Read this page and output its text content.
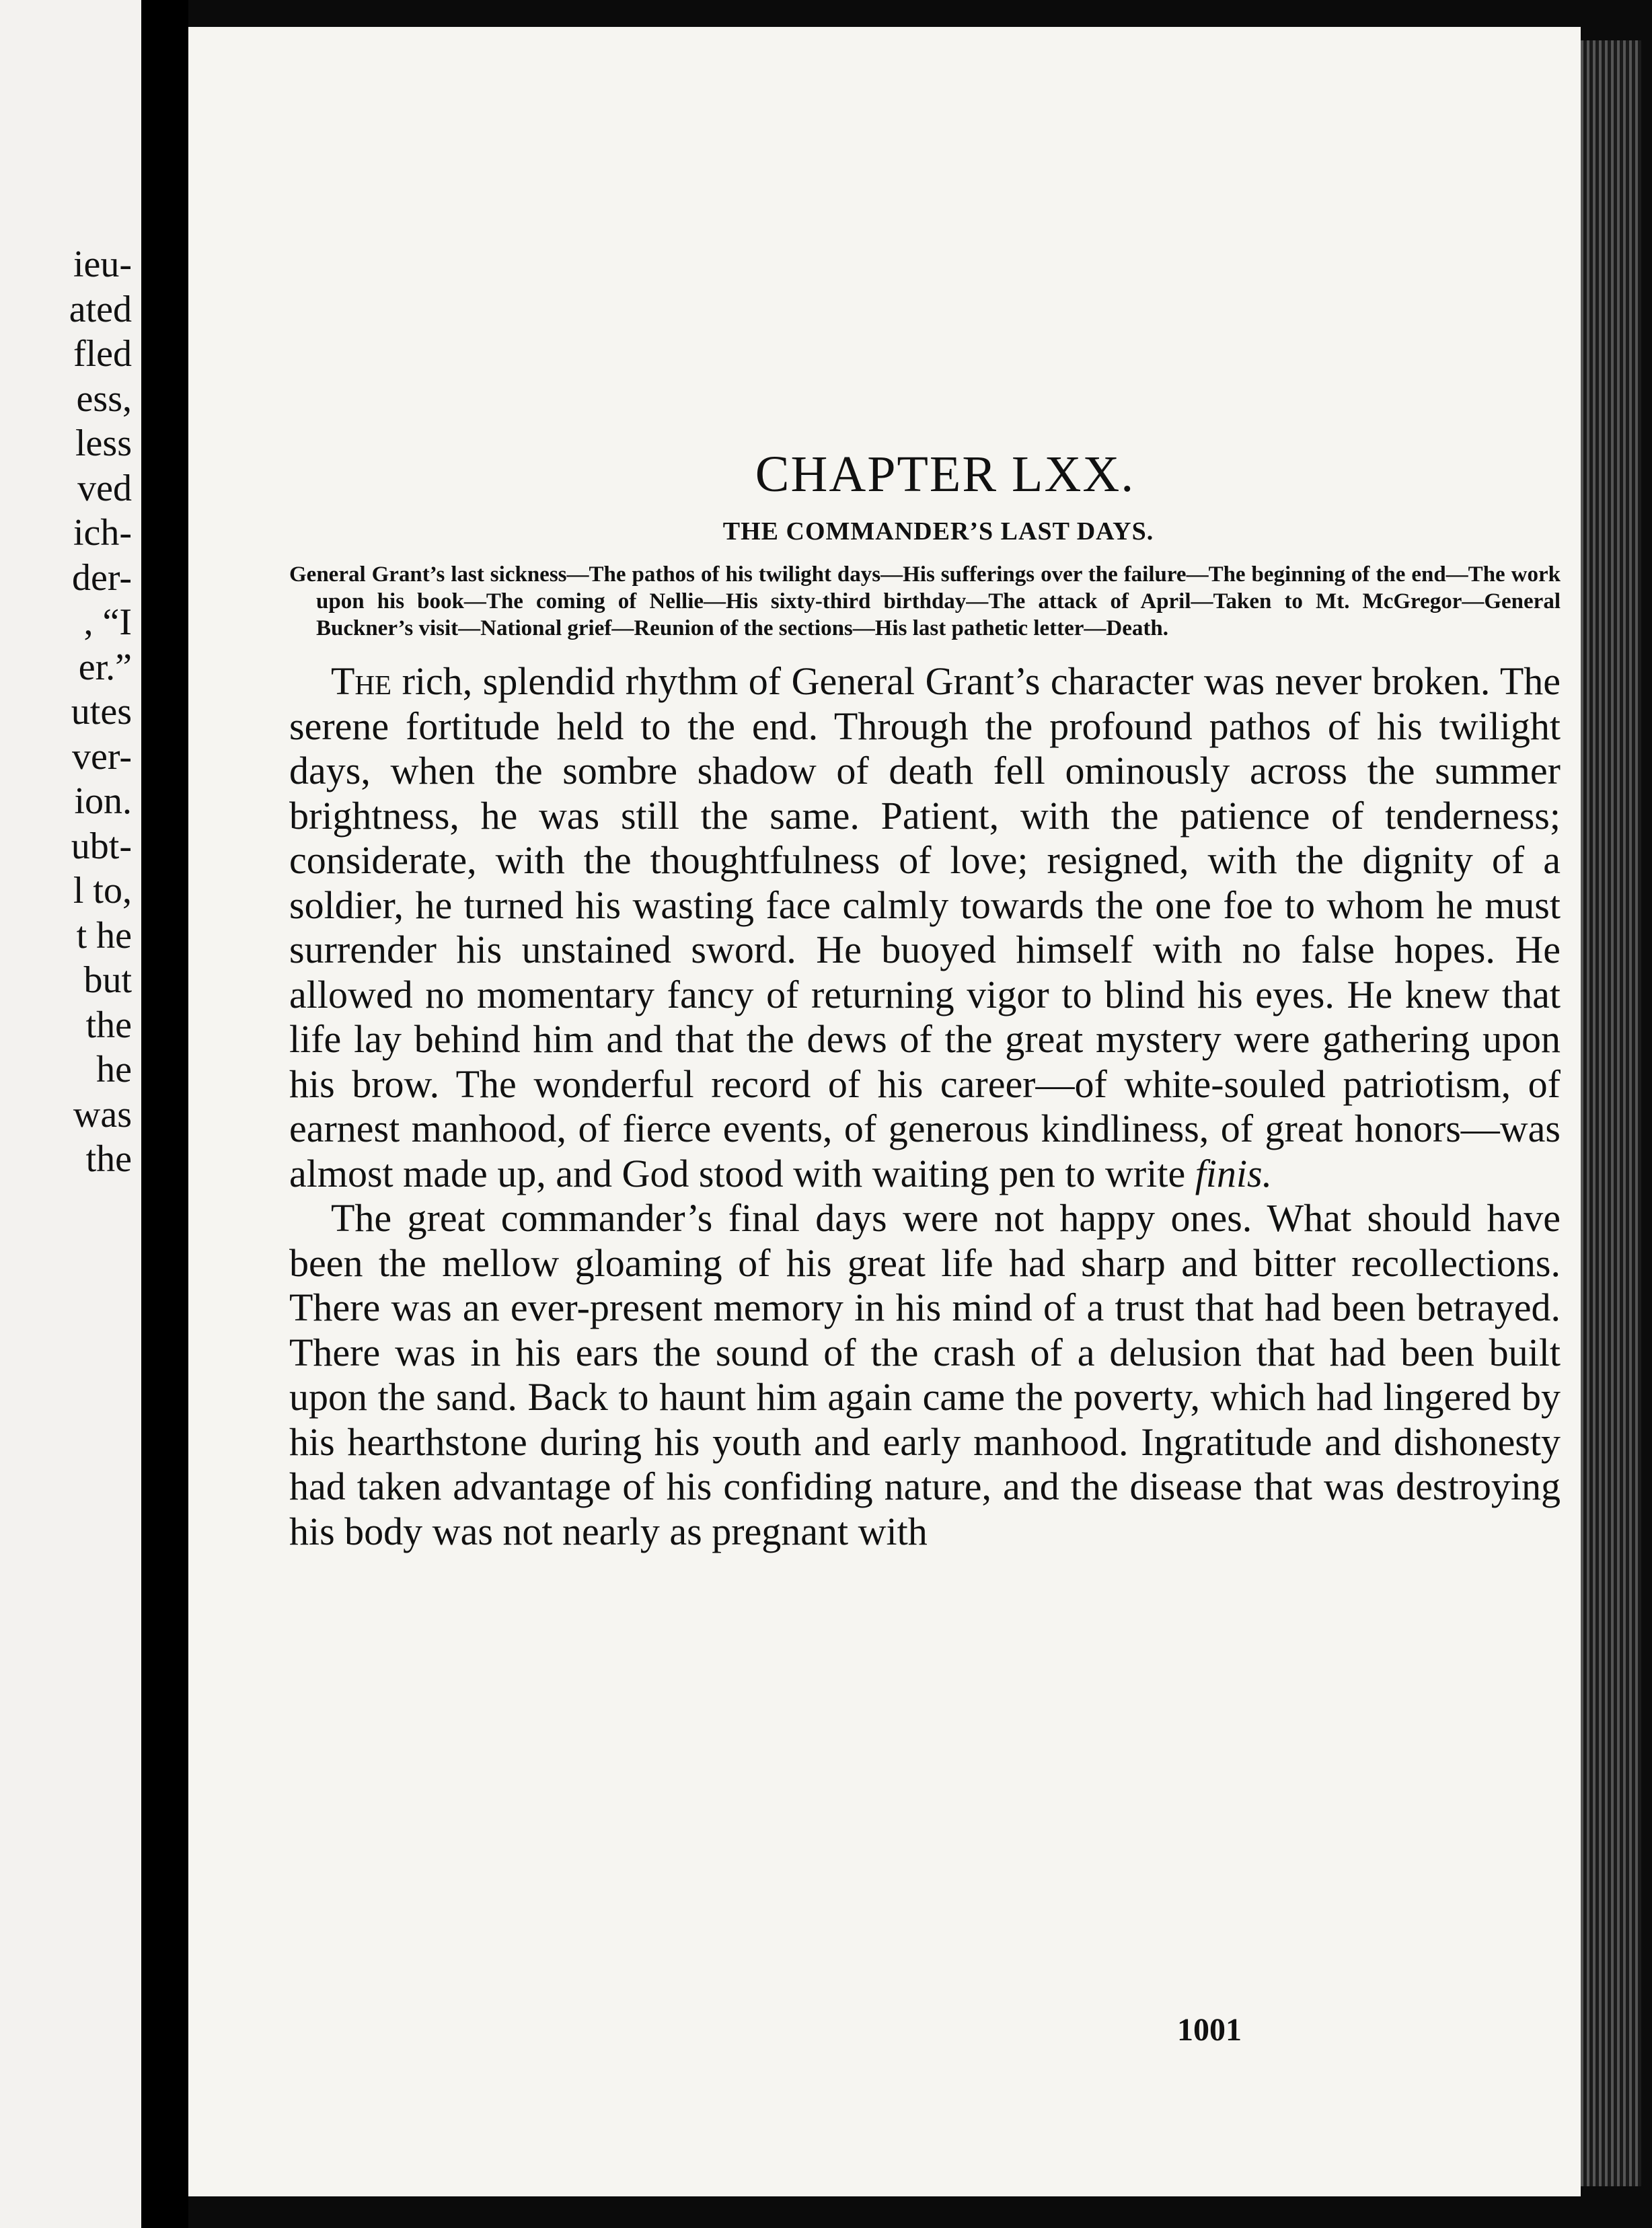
ieu-

ated

fled

ess,

less

ved

ich-

der-

, “I

er.”

utes

ver-

ion.

ubt-

l to,

t he

but

the

he

was

the

CHAPTER LXX.
THE COMMANDER’S LAST DAYS.

General Grant’s last sickness—The pathos of his twilight days—His sufferings over the failure—The beginning of the end—The work upon his book—The coming of Nellie—His sixty-third birthday—The attack of April—Taken to Mt. McGregor—General Buckner’s visit—National grief—Reunion of the sections—His last pathetic letter—Death.

The rich, splendid rhythm of General Grant’s character was never broken. The serene fortitude held to the end. Through the profound pathos of his twilight days, when the sombre shadow of death fell ominously across the summer brightness, he was still the same. Patient, with the patience of tenderness; considerate, with the thoughtfulness of love; resigned, with the dignity of a soldier, he turned his wasting face calmly towards the one foe to whom he must surrender his unstained sword. He buoyed himself with no false hopes. He allowed no momentary fancy of returning vigor to blind his eyes. He knew that life lay behind him and that the dews of the great mystery were gathering upon his brow. The wonderful record of his career—of white-souled patriotism, of earnest manhood, of fierce events, of generous kindliness, of great honors—was almost made up, and God stood with waiting pen to write finis.

The great commander’s final days were not happy ones. What should have been the mellow gloaming of his great life had sharp and bitter recollections. There was an ever-present memory in his mind of a trust that had been betrayed. There was in his ears the sound of the crash of a delusion that had been built upon the sand. Back to haunt him again came the poverty, which had lingered by his hearthstone during his youth and early manhood. Ingratitude and dishonesty had taken advantage of his confiding nature, and the disease that was destroying his body was not nearly as pregnant with

1001
